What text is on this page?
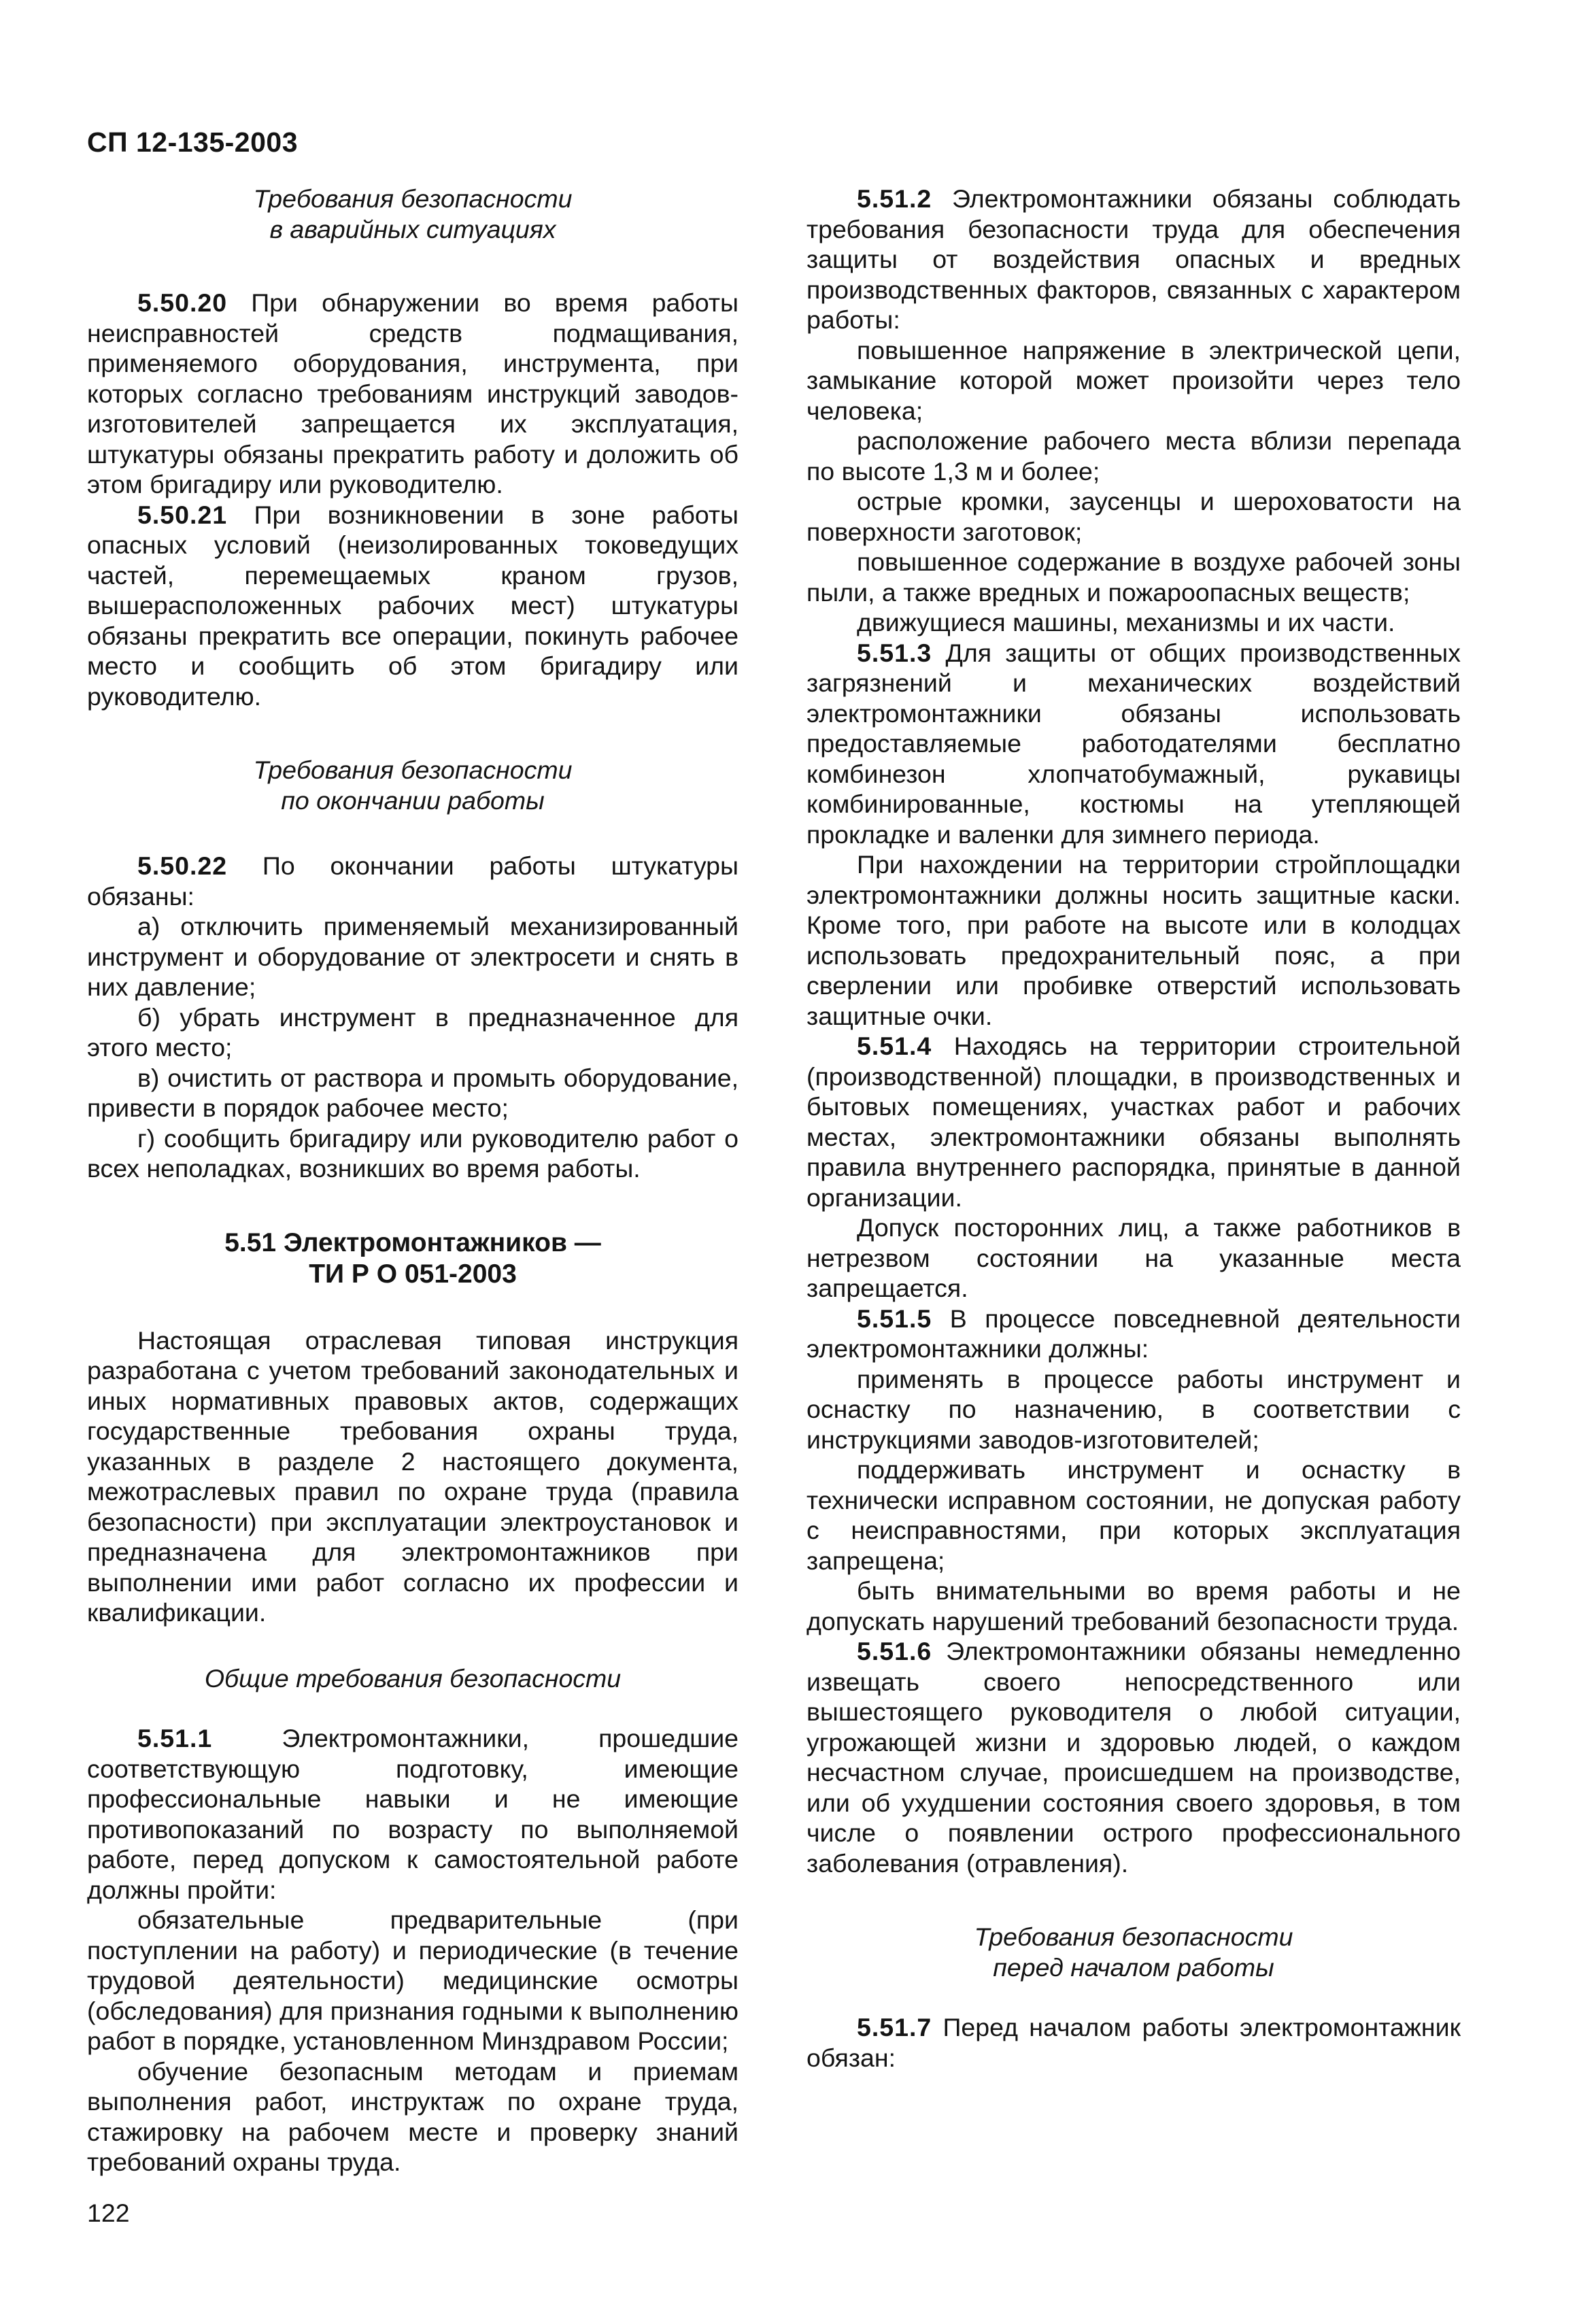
СП 12-135-2003

Требования безопасности
в аварийных ситуациях

5.50.20 При обнаружении во время работы неисправностей средств подмащивания, применяемого оборудования, инструмента, при которых согласно требованиям инструкций заводов-изготовителей запрещается их эксплуатация, штукатуры обязаны прекратить работу и доложить об этом бригадиру или руководителю.

5.50.21 При возникновении в зоне работы опасных условий (неизолированных токоведущих частей, перемещаемых краном грузов, вышерасположенных рабочих мест) штукатуры обязаны прекратить все операции, покинуть рабочее место и сообщить об этом бригадиру или руководителю.

Требования безопасности
по окончании работы

5.50.22 По окончании работы штукатуры обязаны:

а) отключить применяемый механизированный инструмент и оборудование от электросети и снять в них давление;

б) убрать инструмент в предназначенное для этого место;

в) очистить от раствора и промыть оборудование, привести в порядок рабочее место;

г) сообщить бригадиру или руководителю работ о всех неполадках, возникших во время работы.

5.51 Электромонтажников —
ТИ Р О 051-2003

Настоящая отраслевая типовая инструкция разработана с учетом требований законодательных и иных нормативных правовых актов, содержащих государственные требования охраны труда, указанных в разделе 2 настоящего документа, межотраслевых правил по охране труда (правила безопасности) при эксплуатации электроустановок и предназначена для электромонтажников при выполнении ими работ согласно их профессии и квалификации.

Общие требования безопасности

5.51.1 Электромонтажники, прошедшие соответствующую подготовку, имеющие профессиональные навыки и не имеющие противопоказаний по возрасту по выполняемой работе, перед допуском к самостоятельной работе должны пройти:

обязательные предварительные (при поступлении на работу) и периодические (в течение трудовой деятельности) медицинские осмотры (обследования) для признания годными к выполнению работ в порядке, установленном Минздравом России;

обучение безопасным методам и приемам выполнения работ, инструктаж по охране труда, стажировку на рабочем месте и проверку знаний требований охраны труда.

5.51.2 Электромонтажники обязаны соблюдать требования безопасности труда для обеспечения защиты от воздействия опасных и вредных производственных факторов, связанных с характером работы:

повышенное напряжение в электрической цепи, замыкание которой может произойти через тело человека;

расположение рабочего места вблизи перепада по высоте 1,3 м и более;

острые кромки, заусенцы и шероховатости на поверхности заготовок;

повышенное содержание в воздухе рабочей зоны пыли, а также вредных и пожароопасных веществ;

движущиеся машины, механизмы и их части.

5.51.3 Для защиты от общих производственных загрязнений и механических воздействий электромонтажники обязаны использовать предоставляемые работодателями бесплатно комбинезон хлопчатобумажный, рукавицы комбинированные, костюмы на утепляющей прокладке и валенки для зимнего периода.

При нахождении на территории стройплощадки электромонтажники должны носить защитные каски. Кроме того, при работе на высоте или в колодцах использовать предохранительный пояс, а при сверлении или пробивке отверстий использовать защитные очки.

5.51.4 Находясь на территории строительной (производственной) площадки, в производственных и бытовых помещениях, участках работ и рабочих местах, электромонтажники обязаны выполнять правила внутреннего распорядка, принятые в данной организации.

Допуск посторонних лиц, а также работников в нетрезвом состоянии на указанные места запрещается.

5.51.5 В процессе повседневной деятельности электромонтажники должны:

применять в процессе работы инструмент и оснастку по назначению, в соответствии с инструкциями заводов-изготовителей;

поддерживать инструмент и оснастку в технически исправном состоянии, не допуская работу с неисправностями, при которых эксплуатация запрещена;

быть внимательными во время работы и не допускать нарушений требований безопасности труда.

5.51.6 Электромонтажники обязаны немедленно извещать своего непосредственного или вышестоящего руководителя о любой ситуации, угрожающей жизни и здоровью людей, о каждом несчастном случае, происшедшем на производстве, или об ухудшении состояния своего здоровья, в том числе о появлении острого профессионального заболевания (отравления).

Требования безопасности
перед началом работы

5.51.7 Перед началом работы электромонтажник обязан:

122
